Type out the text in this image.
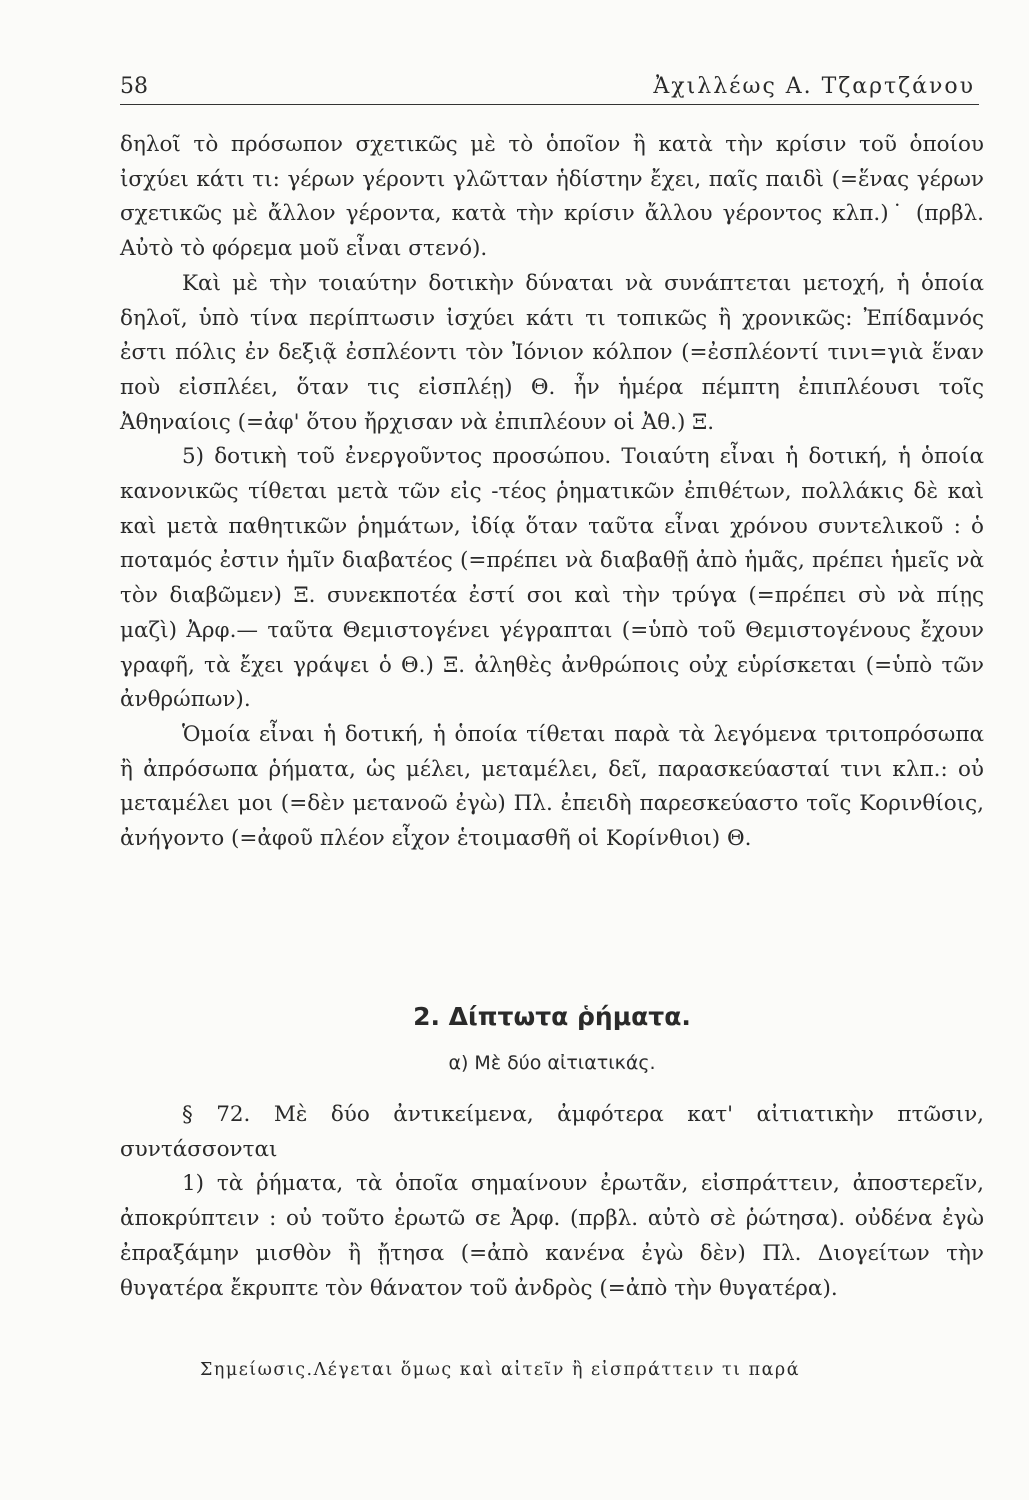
58	Ἀχιλλέως Α. Τζαρτζάνου

δηλοῖ τὸ πρόσωπον σχετικῶς μὲ τὸ ὁποῖον ἢ κατὰ τὴν κρίσιν τοῦ ὁποίου ἰσχύει κάτι τι: γέρων γέροντι γλῶτταν ἡδίστην ἔχει, παῖς παιδὶ (=ἕνας γέρων σχετικῶς μὲ ἄλλον γέροντα, κατὰ τὴν κρίσιν ἄλλου γέροντος κλπ.)˙ (πρβλ. Αὐτὸ τὸ φόρεμα μοῦ εἶναι στενό).

Καὶ μὲ τὴν τοιαύτην δοτικὴν δύναται νὰ συνάπτεται μετοχή, ἡ ὁποία δηλοῖ, ὑπὸ τίνα περίπτωσιν ἰσχύει κάτι τι τοπικῶς ἢ χρονικῶς: Ἐπίδαμνός ἐστι πόλις ἐν δεξιᾷ ἐσπλέοντι τὸν Ἰόνιον κόλπον (=ἐσπλέοντί τινι=γιὰ ἕναν ποὺ εἰσπλέει, ὅταν τις εἰσπλέῃ) Θ. ἦν ἡμέρα πέμπτη ἐπιπλέουσι τοῖς Ἀθηναίοις (=ἀφ' ὅτου ἤρχισαν νὰ ἐπιπλέουν οἱ Ἀθ.) Ξ.

5) δοτικὴ τοῦ ἐνεργοῦντος προσώπου. Τοιαύτη εἶναι ἡ δοτική, ἡ ὁποία κανονικῶς τίθεται μετὰ τῶν εἰς -τέος ῥηματικῶν ἐπιθέτων, πολλάκις δὲ καὶ καὶ μετὰ παθητικῶν ῥημάτων, ἰδίᾳ ὅταν ταῦτα εἶναι χρόνου συντελικοῦ : ὁ ποταμός ἐστιν ἡμῖν διαβατέος (=πρέπει νὰ διαβαθῇ ἀπὸ ἡμᾶς, πρέπει ἡμεῖς νὰ τὸν διαβῶμεν) Ξ. συνεκποτέα ἐστί σοι καὶ τὴν τρύγα (=πρέπει σὺ νὰ πίῃς μαζὶ) Ἀρφ.— ταῦτα Θεμιστογένει γέγραπται (=ὑπὸ τοῦ Θεμιστογένους ἔχουν γραφῆ, τὰ ἔχει γράψει ὁ Θ.) Ξ. ἀληθὲς ἀνθρώποις οὐχ εὑρίσκεται (=ὑπὸ τῶν ἀνθρώπων).

Ὁμοία εἶναι ἡ δοτική, ἡ ὁποία τίθεται παρὰ τὰ λεγόμενα τριτοπρόσωπα ἢ ἀπρόσωπα ῥήματα, ὡς μέλει, μεταμέλει, δεῖ, παρασκεύασταί τινι κλπ.: οὐ μεταμέλει μοι (=δὲν μετανοῶ ἐγὼ) Πλ. ἐπειδὴ παρεσκεύαστο τοῖς Κορινθίοις, ἀνήγοντο (=ἀφοῦ πλέον εἶχον ἑτοιμασθῆ οἱ Κορίνθιοι) Θ.

2. Δίπτωτα ῥήματα.
α) Μὲ δύο αἰτιατικάς.

§ 72. Μὲ δύο ἀντικείμενα, ἀμφότερα κατ' αἰτιατικὴν πτῶσιν, συντάσσονται

1) τὰ ῥήματα, τὰ ὁποῖα σημαίνουν ἐρωτᾶν, εἰσπράττειν, ἀποστερεῖν, ἀποκρύπτειν : οὐ τοῦτο ἐρωτῶ σε Ἀρφ. (πρβλ. αὐτὸ σὲ ῥώτησα). οὐδένα ἐγὼ ἐπραξάμην μισθὸν ἢ ᾔτησα (=ἀπὸ κανένα ἐγὼ δὲν) Πλ. Διογείτων τὴν θυγατέρα ἔκρυπτε τὸν θάνατον τοῦ ἀνδρὸς (=ἀπὸ τὴν θυγατέρα).

Σημείωσις.Λέγεται ὅμως καὶ αἰτεῖν ἢ εἰσπράττειν τι παρά
